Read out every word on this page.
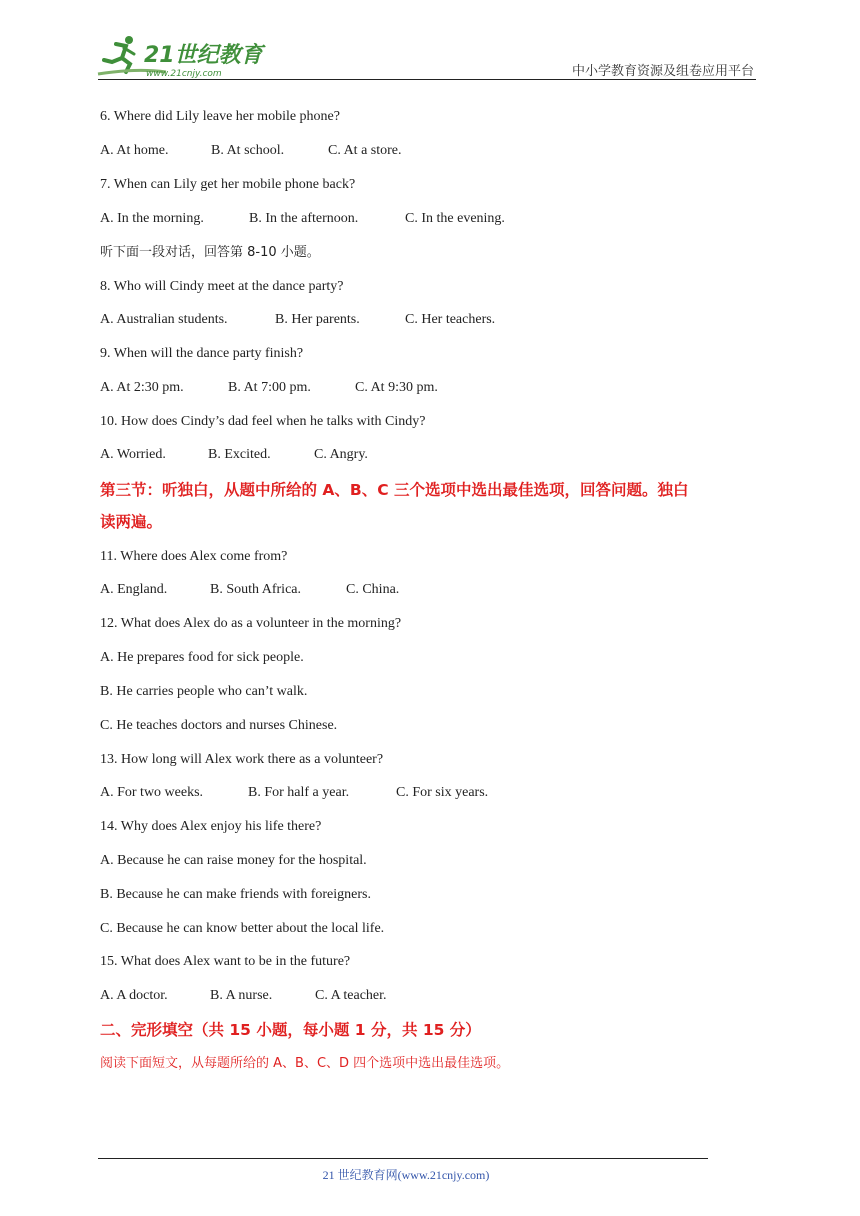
21世纪教育
www.21cnjy.com	中小学教育资源及组卷应用平台
6. Where did Lily leave her mobile phone?
A. At home.	B. At school.	C. At a store.
7. When can Lily get her mobile phone back?
A. In the morning.	B. In the afternoon.	C. In the evening.
听下面一段对话，回答第 8-10 小题。
8. Who will Cindy meet at the dance party?
A. Australian students.	B. Her parents.	C. Her teachers.
9. When will the dance party finish?
A. At 2:30 pm.	B. At 7:00 pm.	C. At 9:30 pm.
10. How does Cindy’s dad feel when he talks with Cindy?
A. Worried.	B. Excited.	C. Angry.
第三节：听独白，从题中所给的 A、B、C 三个选项中选出最佳选项，回答问题。独白
读两遍。
11. Where does Alex come from?
A. England.	B. South Africa.	C. China.
12. What does Alex do as a volunteer in the morning?
A. He prepares food for sick people.
B. He carries people who can’t walk.
C. He teaches doctors and nurses Chinese.
13. How long will Alex work there as a volunteer?
A. For two weeks.	B. For half a year.	C. For six years.
14. Why does Alex enjoy his life there?
A. Because he can raise money for the hospital.
B. Because he can make friends with foreigners.
C. Because he can know better about the local life.
15. What does Alex want to be in the future?
A. A doctor.	B. A nurse.	C. A teacher.
二、完形填空（共 15 小题，每小题 1 分，共 15 分）
阅读下面短文，从每题所给的 A、B、C、D 四个选项中选出最佳选项。
21 世纪教育网(www.21cnjy.com)
